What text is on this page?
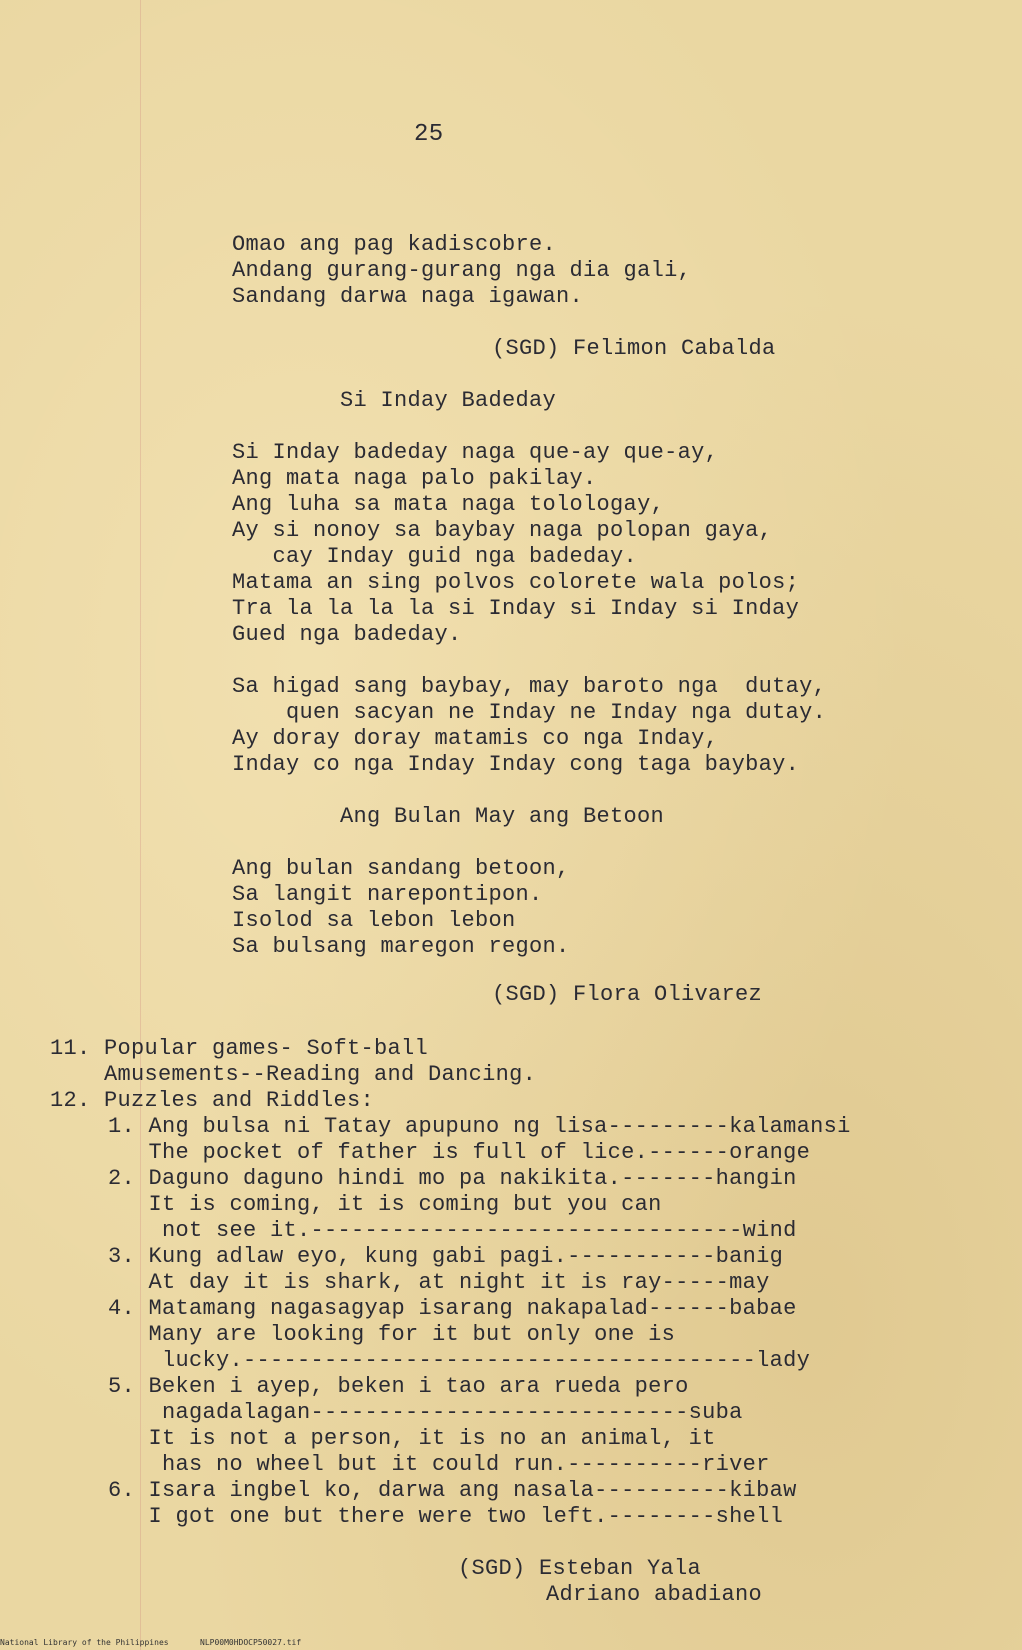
25
Omao ang pag kadiscobre.
Andang gurang-gurang nga dia gali,
Sandang darwa naga igawan.
(SGD) Felimon Cabalda
Si Inday Badeday
Si Inday badeday naga que-ay que-ay,
Ang mata naga palo pakilay.
Ang luha sa mata naga tolologay,
Ay si nonoy sa baybay naga polopan gaya,
cay Inday guid nga badeday.
Matama an sing polvos colorete wala polos;
Tra la la la la si Inday si Inday si Inday
Gued nga badeday.
Sa higad sang baybay, may baroto nga  dutay,
quen sacyan ne Inday ne Inday nga dutay.
Ay doray doray matamis co nga Inday,
Inday co nga Inday Inday cong taga baybay.
Ang Bulan May ang Betoon
Ang bulan sandang betoon,
Sa langit narepontipon.
Isolod sa lebon lebon
Sa bulsang maregon regon.
(SGD) Flora Olivarez
11. Popular games- Soft-ball
Amusements--Reading and Dancing.
12. Puzzles and Riddles:
1. Ang bulsa ni Tatay apupuno ng lisa---------kalamansi
The pocket of father is full of lice.------orange
2. Daguno daguno hindi mo pa nakikita.-------hangin
It is coming, it is coming but you can
not see it.--------------------------------wind
3. Kung adlaw eyo, kung gabi pagi.-----------banig
At day it is shark, at night it is ray-----may
4. Matamang nagasagyap isarang nakapalad------babae
Many are looking for it but only one is
lucky.--------------------------------------lady
5. Beken i ayep, beken i tao ara rueda pero
nagadalagan----------------------------suba
It is not a person, it is no an animal, it
has no wheel but it could run.----------river
6. Isara ingbel ko, darwa ang nasala----------kibaw
I got one but there were two left.--------shell
(SGD) Esteban Yala
Adriano abadiano
National Library of the Philippines	NLP00M0HDOCP50027.tif
